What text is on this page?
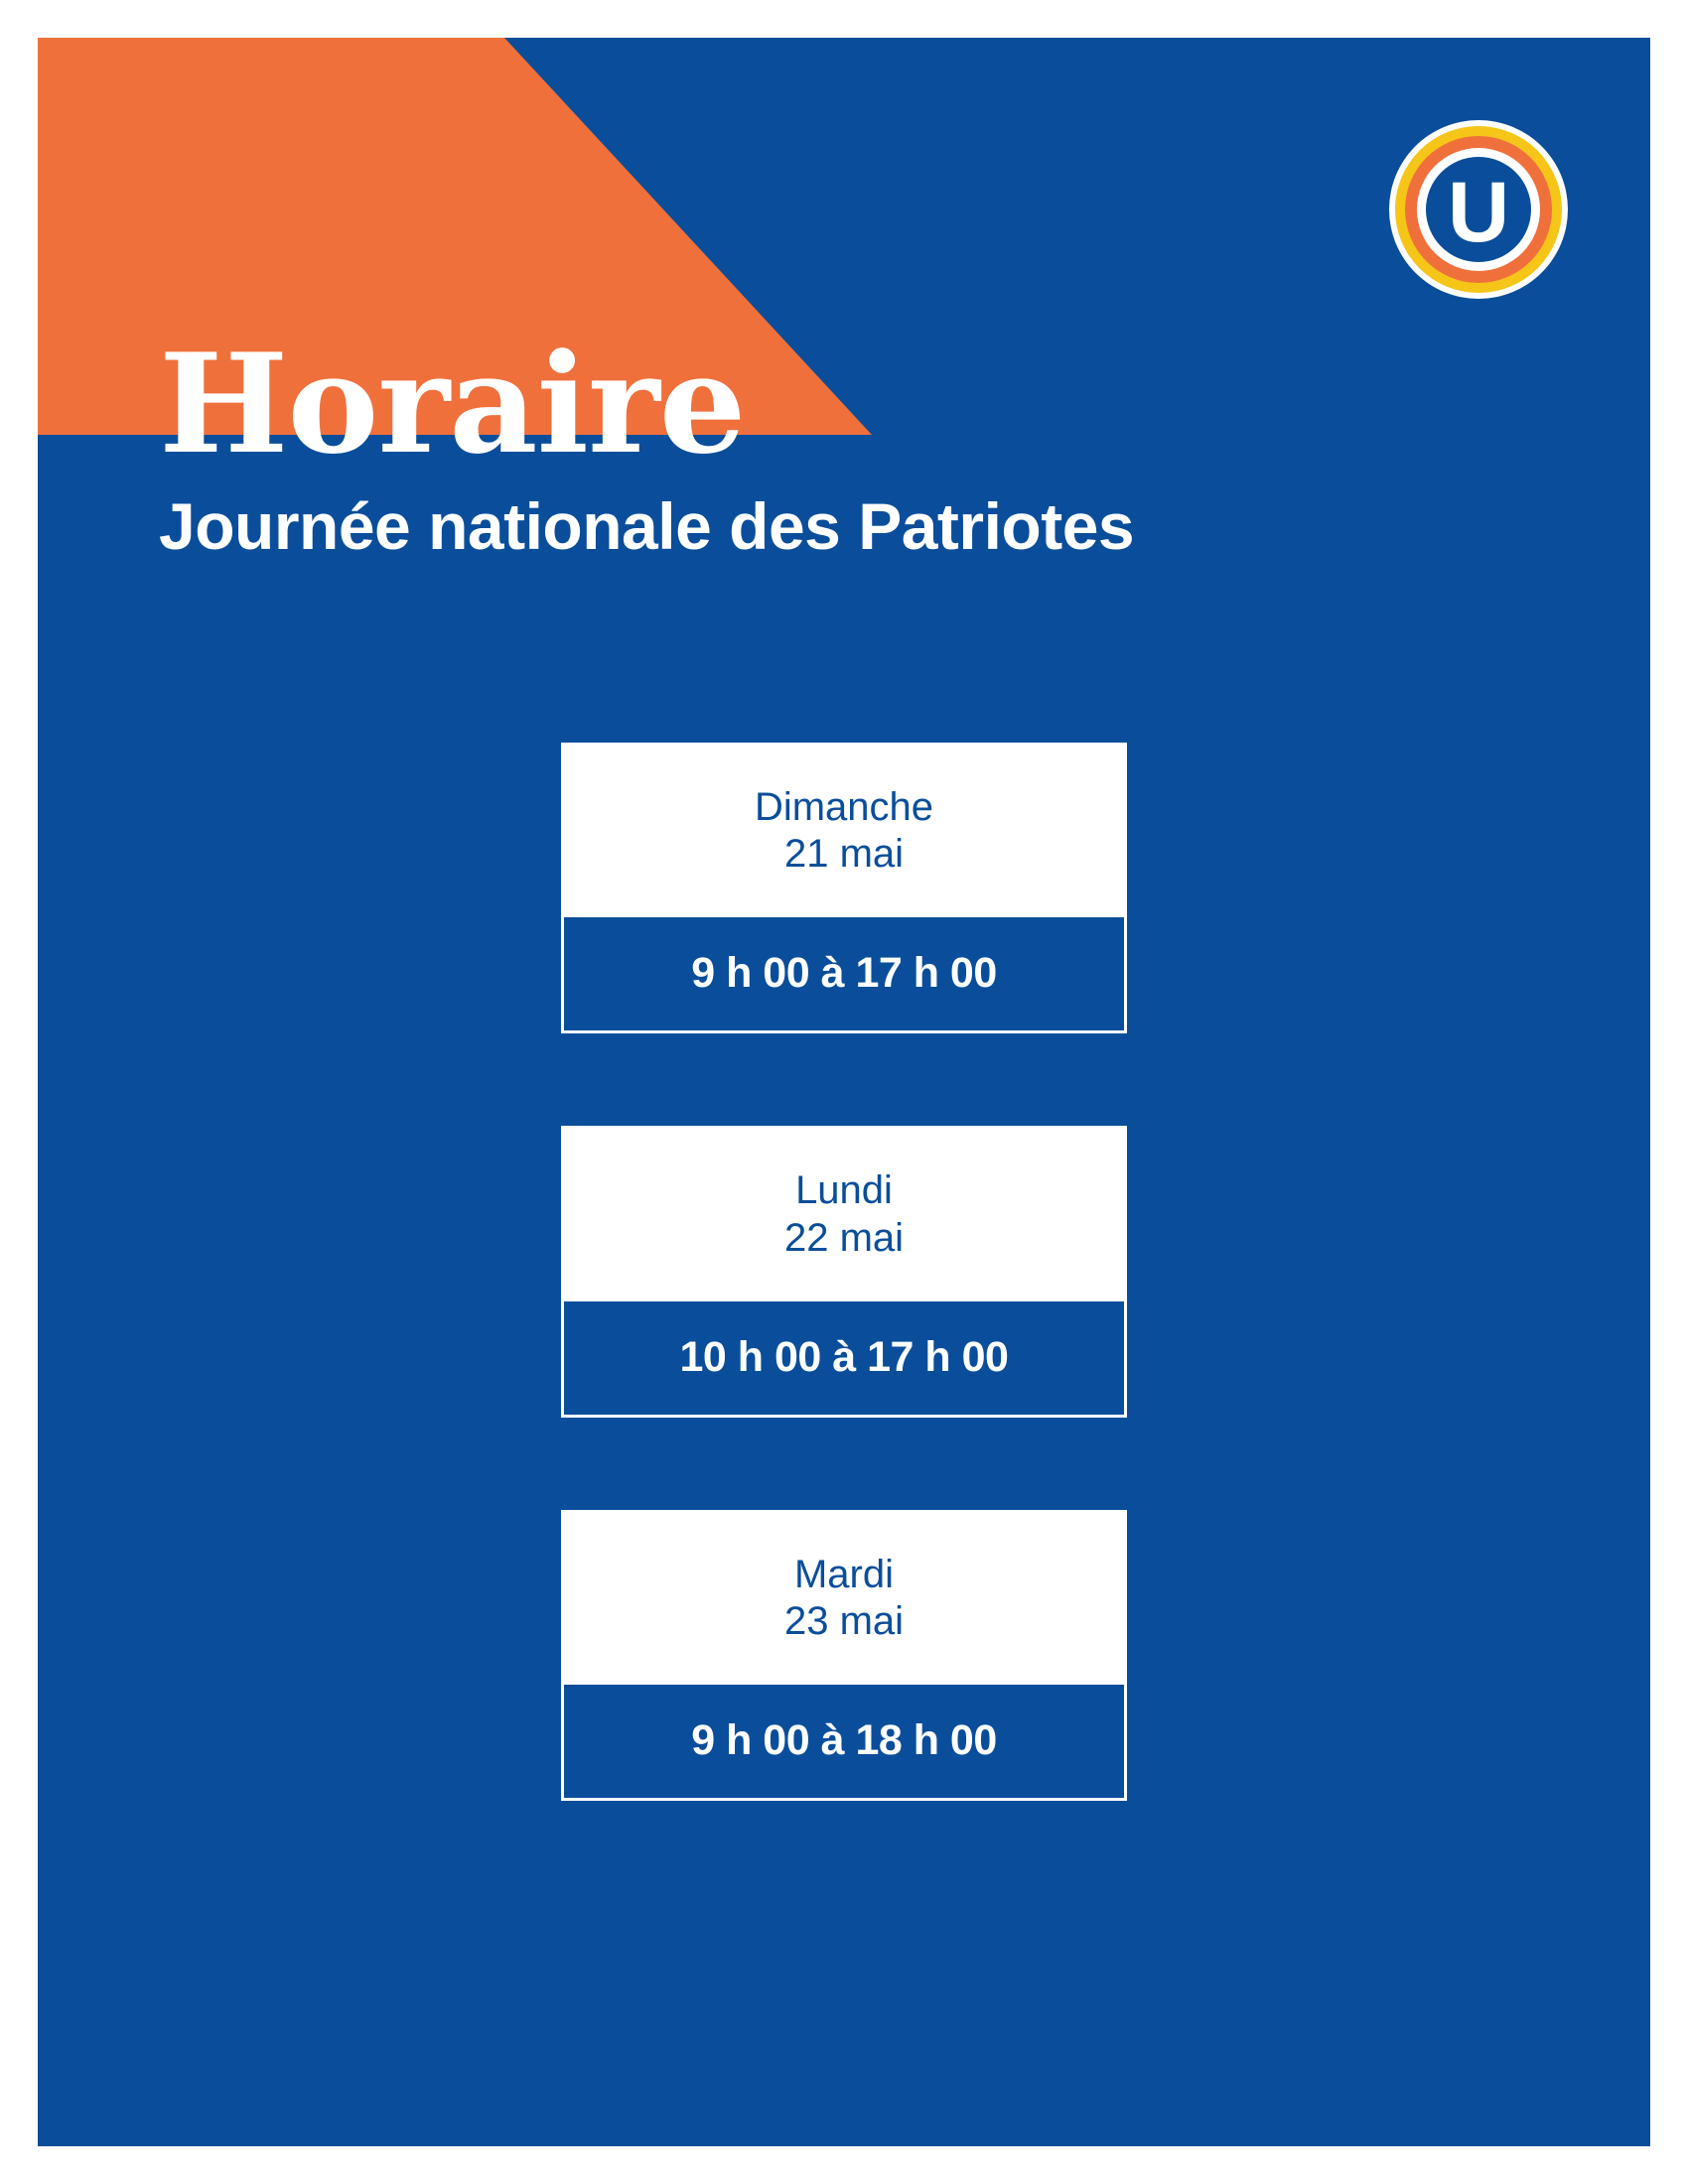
U
Horaire
Journée nationale des Patriotes
Dimanche
21 mai
9 h 00 à 17 h 00
Lundi
22 mai
10 h 00 à 17 h 00
Mardi
23 mai
9 h 00 à 18 h 00
